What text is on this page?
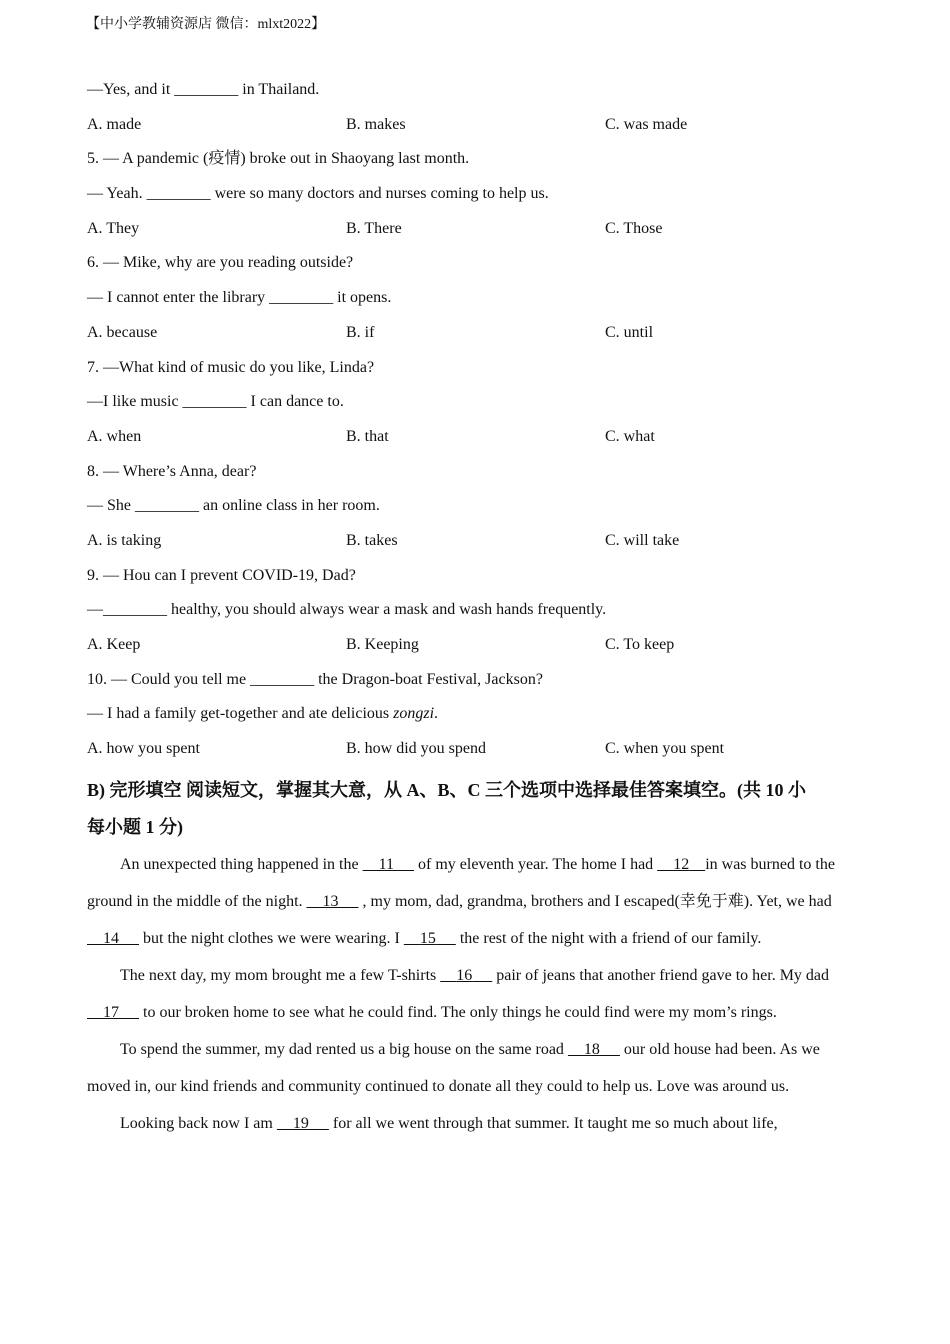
【中小学教辅资源店 微信：mlxt2022】
—Yes, and it ________ in Thailand.
A. made	B. makes	C. was made
5. — A pandemic (疫情) broke out in Shaoyang last month.
— Yeah. ________ were so many doctors and nurses coming to help us.
A. They	B. There	C. Those
6. — Mike, why are you reading outside?
— I cannot enter the library ________ it opens.
A. because	B. if	C. until
7. —What kind of music do you like, Linda?
—I like music ________ I can dance to.
A. when	B. that	C. what
8. — Where’s Anna, dear?
— She ________ an online class in her room.
A. is taking	B. takes	C. will take
9. — Hou can I prevent COVID-19, Dad?
—________ healthy, you should always wear a mask and wash hands frequently.
A. Keep	B. Keeping	C. To keep
10. — Could you tell me ________ the Dragon-boat Festival, Jackson?
— I had a family get-together and ate delicious zongzi.
A. how you spent	B. how did you spend	C. when you spent
B) 完形填空 阅读短文，掌握其大意，从 A、B、C 三个选项中选择最佳答案填空。(共 10 小
每小题 1 分)

An unexpected thing happened in the     11      of my eleventh year. The home I had     12 in was burned to the ground in the middle of the night.     13      , my mom, dad, grandma, brothers and I escaped(幸免于难). Yet, we had     14      but the night clothes we were wearing. I     15      the rest of the night with a friend of our family.

The next day, my mom brought me a few T-shirts     16      pair of jeans that another friend gave to her. My dad     17      to our broken home to see what he could find. The only things he could find were my mom’s rings.

To spend the summer, my dad rented us a big house on the same road     18      our old house had been. As we moved in, our kind friends and community continued to donate all they could to help us. Love was around us.

Looking back now I am     19      for all we went through that summer. It taught me so much about life,
